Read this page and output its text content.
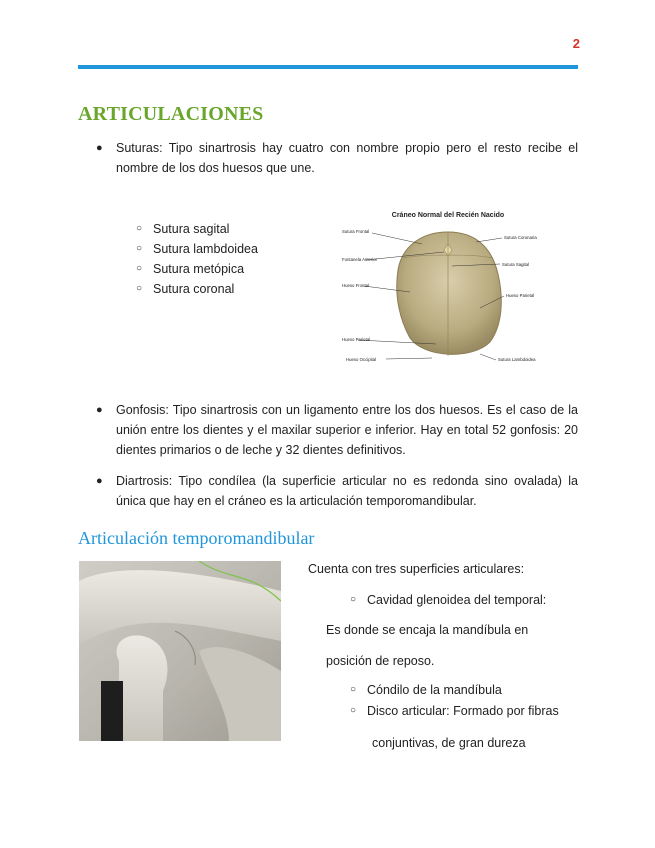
2
ARTICULACIONES
● Suturas: Tipo sinartrosis hay cuatro con nombre propio pero el resto recibe el nombre de los dos huesos que une.
○ Sutura sagital
○ Sutura lambdoidea
○ Sutura metópica
○ Sutura coronal
Cráneo Normal del Recién Nacido
Sutura Frontal
Fontanela Anterior
Hueso Frontal
Hueso Parietal
Hueso Occipital
Sutura Coronaria
Sutura Sagital
Hueso Parietal
Sutura Lambdoidea
● Gonfosis: Tipo sinartrosis con un ligamento entre los dos huesos. Es el caso de la unión entre los dientes y el maxilar superior e inferior. Hay en total 52 gonfosis: 20 dientes primarios o de leche y 32 dientes definitivos.
● Diartrosis: Tipo condílea (la superficie articular no es redonda sino ovalada) la única que hay en el cráneo es la articulación temporomandibular.
Articulación temporomandibular
Cuenta con tres superficies articulares:
○ Cavidad glenoidea del temporal:
Es donde se encaja la mandíbula en
posición de reposo.
○ Cóndilo de la mandíbula
○ Disco articular: Formado por fibras
conjuntivas, de gran dureza
